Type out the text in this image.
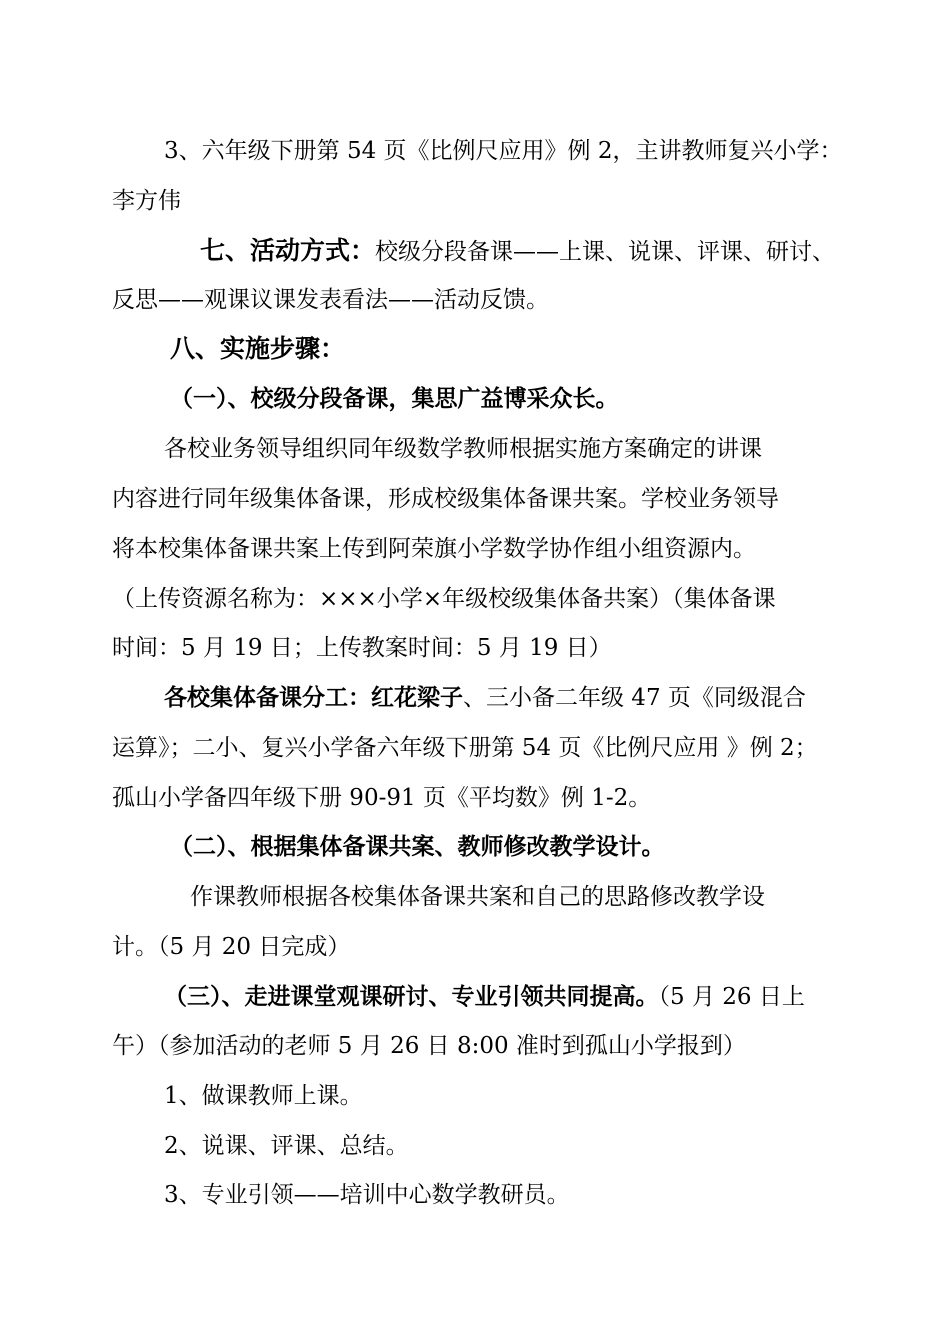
3、六年级下册第 54 页《比例尺应用》例 2，主讲教师复兴小学：
李方伟
七、活动方式：校级分段备课——上课、说课、评课、研讨、
反思——观课议课发表看法——活动反馈。
八、实施步骤：
（一）、校级分段备课，集思广益博采众长。
各校业务领导组织同年级数学教师根据实施方案确定的讲课
内容进行同年级集体备课，形成校级集体备课共案。学校业务领导
将本校集体备课共案上传到阿荣旗小学数学协作组小组资源内。
（上传资源名称为：×××小学×年级校级集体备共案）（集体备课
时间：5 月 19 日；上传教案时间：5 月 19 日）
各校集体备课分工：红花梁子、三小备二年级 47 页《同级混合
运算》；二小、复兴小学备六年级下册第 54 页《比例尺应用 》例 2；
孤山小学备四年级下册 90-91 页《平均数》例 1-2。
（二）、根据集体备课共案、教师修改教学设计。
作课教师根据各校集体备课共案和自己的思路修改教学设
计。（5 月 20 日完成）
（三）、走进课堂观课研讨、专业引领共同提高。（5 月 26 日上
午）（参加活动的老师 5 月 26 日 8:00 准时到孤山小学报到）
1、做课教师上课。
2、说课、评课、总结。
3、专业引领——培训中心数学教研员。
